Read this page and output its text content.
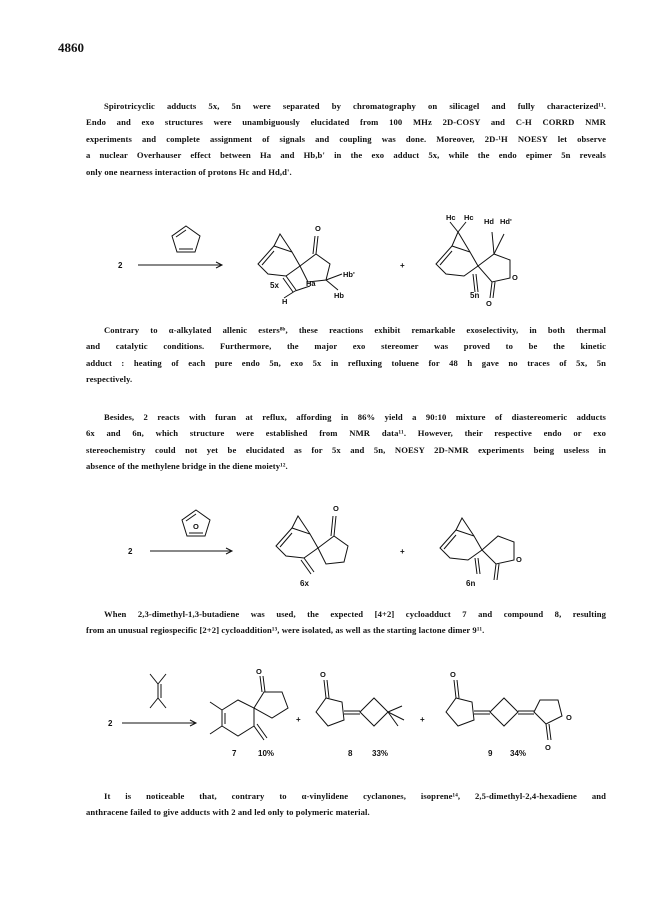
4860
Spirotricyclic adducts 5x, 5n were separated by chromatography on silicagel and fully characterized¹¹.
Endo and exo structures were unambiguously elucidated from 100 MHz 2D-COSY and C-H CORRD NMR
experiments and complete assignment of signals and coupling was done. Moreover, 2D-¹H NOESY let observe
a nuclear Overhauser effect between Ha and Hb,b' in the exo adduct 5x, while the endo epimer 5n reveals
only one nearness interaction of protons Hc and Hd,d'.
2
O
5x
H
Ha
Hb'
Hb
+
Hc Hc Hd Hd'
O
O
5n
Contrary to α-alkylated allenic esters⁸ᵇ, these reactions exhibit remarkable exoselectivity, in both thermal
and catalytic conditions. Furthermore, the major exo stereomer was proved to be the kinetic
adduct : heating of each pure endo 5n, exo 5x in refluxing toluene for 48 h gave no traces of 5x, 5n
respectively.
Besides, 2 reacts with furan at reflux, affording in 86% yield a 90:10 mixture of diastereomeric adducts
6x and 6n, which structure were established from NMR data¹¹. However, their respective endo or exo
stereochemistry could not yet be elucidated as for 5x and 5n, NOESY 2D-NMR experiments being useless in
absence of the methylene bridge in the diene moiety¹².
O
2
O
6x
+
O
6n
When 2,3-dimethyl-1,3-butadiene was used, the expected [4+2] cycloadduct 7 and compound 8, resulting
from an unusual regiospecific [2+2] cycloaddition¹³, were isolated, as well as the starting lactone dimer 9¹¹.
2
O
7	10%
+
O
8 33%
+
O
O
O
9 34%
It is noticeable that, contrary to α-vinylidene cyclanones, isoprene¹⁴, 2,5-dimethyl-2,4-hexadiene and
anthracene failed to give adducts with 2 and led only to polymeric material.
